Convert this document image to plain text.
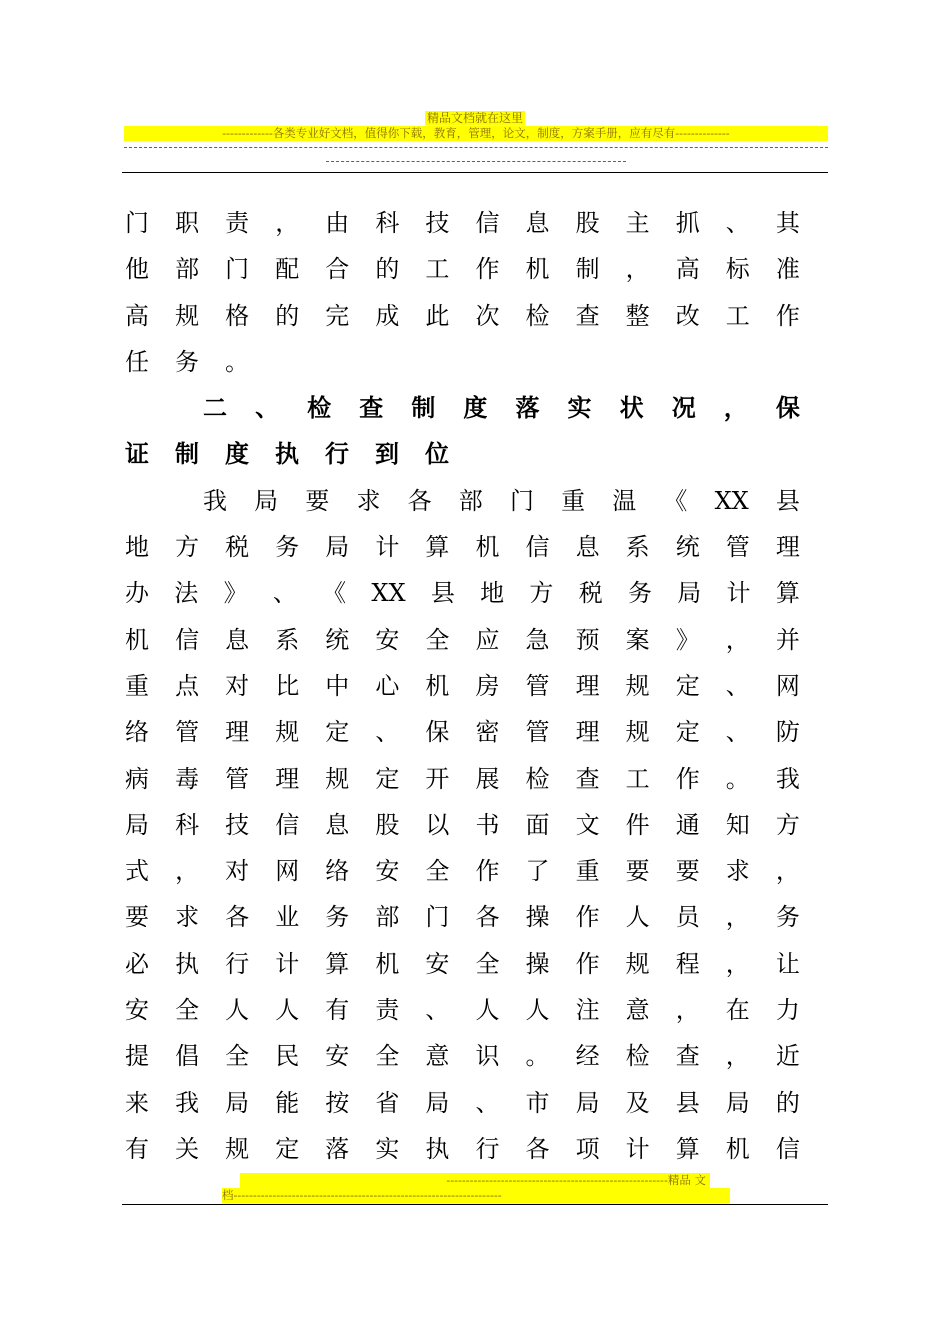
精品文档就在这里
-------------各类专业好文档，值得你下载，教育，管理，论文，制度，方案手册，应有尽有--------------
门 职 责 ， 由 科 技 信 息 股 主 抓 、 其
他 部 门 配 合 的 工 作 机 制 ， 高 标 准
高 规 格 的 完 成 此 次 检 查 整 改 工 作
任 务 。
二 、 检 查 制 度 落 实 状 况 ， 保
证 制 度 执 行 到 位
我 局 要 求 各 部 门 重 温 《 XX 县
地 方 税 务 局 计 算 机 信 息 系 统 管 理
办 法 》 、 《 XX 县 地 方 税 务 局 计 算
机 信 息 系 统 安 全 应 急 预 案 》 ， 并
重 点 对 比 中 心 机 房 管 理 规 定 、 网
络 管 理 规 定 、 保 密 管 理 规 定 、 防
病 毒 管 理 规 定 开 展 检 查 工 作 。 我
局 科 技 信 息 股 以 书 面 文 件 通 知 方
式 ， 对 网 络 安 全 作 了 重 要 要 求 ，
要 求 各 业 务 部 门 各 操 作 人 员 ， 务
必 执 行 计 算 机 安 全 操 作 规 程 ， 让
安 全 人 人 有 责 、 人 人 注 意 ， 在 力
提 倡 全 民 安 全 意 识 。 经 检 查 ， 近
来 我 局 能 按 省 局 、 市 局 及 县 局 的
有 关 规 定 落 实 执 行 各 项 计 算 机 信
---------------------------------------------------------精品 文
档---------------------------------------------------------------------
